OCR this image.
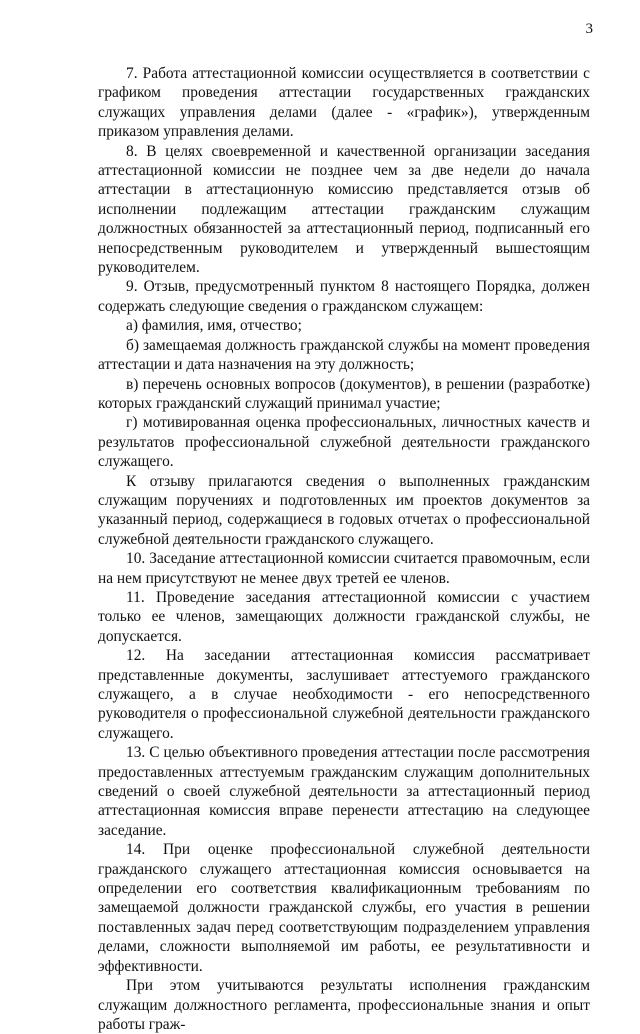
3

7. Работа аттестационной комиссии осуществляется в соответствии с графиком проведения аттестации государственных гражданских служащих управления делами (далее - «график»), утвержденным приказом управления делами.

8. В целях своевременной и качественной организации заседания аттестационной комиссии не позднее чем за две недели до начала аттестации в аттестационную комиссию представляется отзыв об исполнении подлежащим аттестации гражданским служащим должностных обязанностей за аттестационный период, подписанный его непосредственным руководителем и утвержденный вышестоящим руководителем.

9. Отзыв, предусмотренный пунктом 8 настоящего Порядка, должен содержать следующие сведения о гражданском служащем:

а) фамилия, имя, отчество;

б) замещаемая должность гражданской службы на момент проведения аттестации и дата назначения на эту должность;

в) перечень основных вопросов (документов), в решении (разработке) которых гражданский служащий принимал участие;

г) мотивированная оценка профессиональных, личностных качеств и результатов профессиональной служебной деятельности гражданского служащего.

К отзыву прилагаются сведения о выполненных гражданским служащим поручениях и подготовленных им проектов документов за указанный период, содержащиеся в годовых отчетах о профессиональной служебной деятельности гражданского служащего.

10. Заседание аттестационной комиссии считается правомочным, если на нем присутствуют не менее двух третей ее членов.

11. Проведение заседания аттестационной комиссии с участием только ее членов, замещающих должности гражданской службы, не допускается.

12. На заседании аттестационная комиссия рассматривает представленные документы, заслушивает аттестуемого гражданского служащего, а в случае необходимости - его непосредственного руководителя о профессиональной служебной деятельности гражданского служащего.

13. С целью объективного проведения аттестации после рассмотрения предоставленных аттестуемым гражданским служащим дополнительных сведений о своей служебной деятельности за аттестационный период аттестационная комиссия вправе перенести аттестацию на следующее заседание.

14. При оценке профессиональной служебной деятельности гражданского служащего аттестационная комиссия основывается на определении его соответствия квалификационным требованиям по замещаемой должности гражданской службы, его участия в решении поставленных задач перед соответствующим подразделением управления делами, сложности выполняемой им работы, ее результативности и эффективности.

При этом учитываются результаты исполнения гражданским служащим должностного регламента, профессиональные знания и опыт работы граж-
